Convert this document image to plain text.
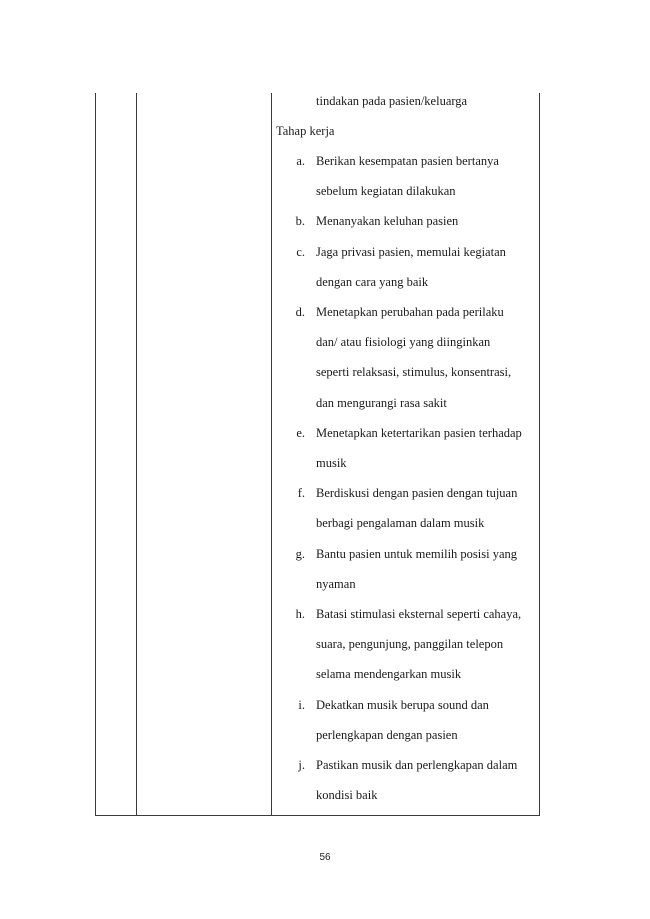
tindakan pada pasien/keluarga
Tahap kerja
a. Berikan kesempatan pasien bertanya
sebelum kegiatan dilakukan
b. Menanyakan keluhan pasien
c. Jaga privasi pasien, memulai kegiatan
dengan cara yang baik
d. Menetapkan perubahan pada perilaku
dan/ atau fisiologi yang diinginkan
seperti relaksasi, stimulus, konsentrasi,
dan mengurangi rasa sakit
e. Menetapkan ketertarikan pasien terhadap
musik
f. Berdiskusi dengan pasien dengan tujuan
berbagi pengalaman dalam musik
g. Bantu pasien untuk memilih posisi yang
nyaman
h. Batasi stimulasi eksternal seperti cahaya,
suara, pengunjung, panggilan telepon
selama mendengarkan musik
i. Dekatkan musik berupa sound dan
perlengkapan dengan pasien
j. Pastikan musik dan perlengkapan dalam
kondisi baik
56
